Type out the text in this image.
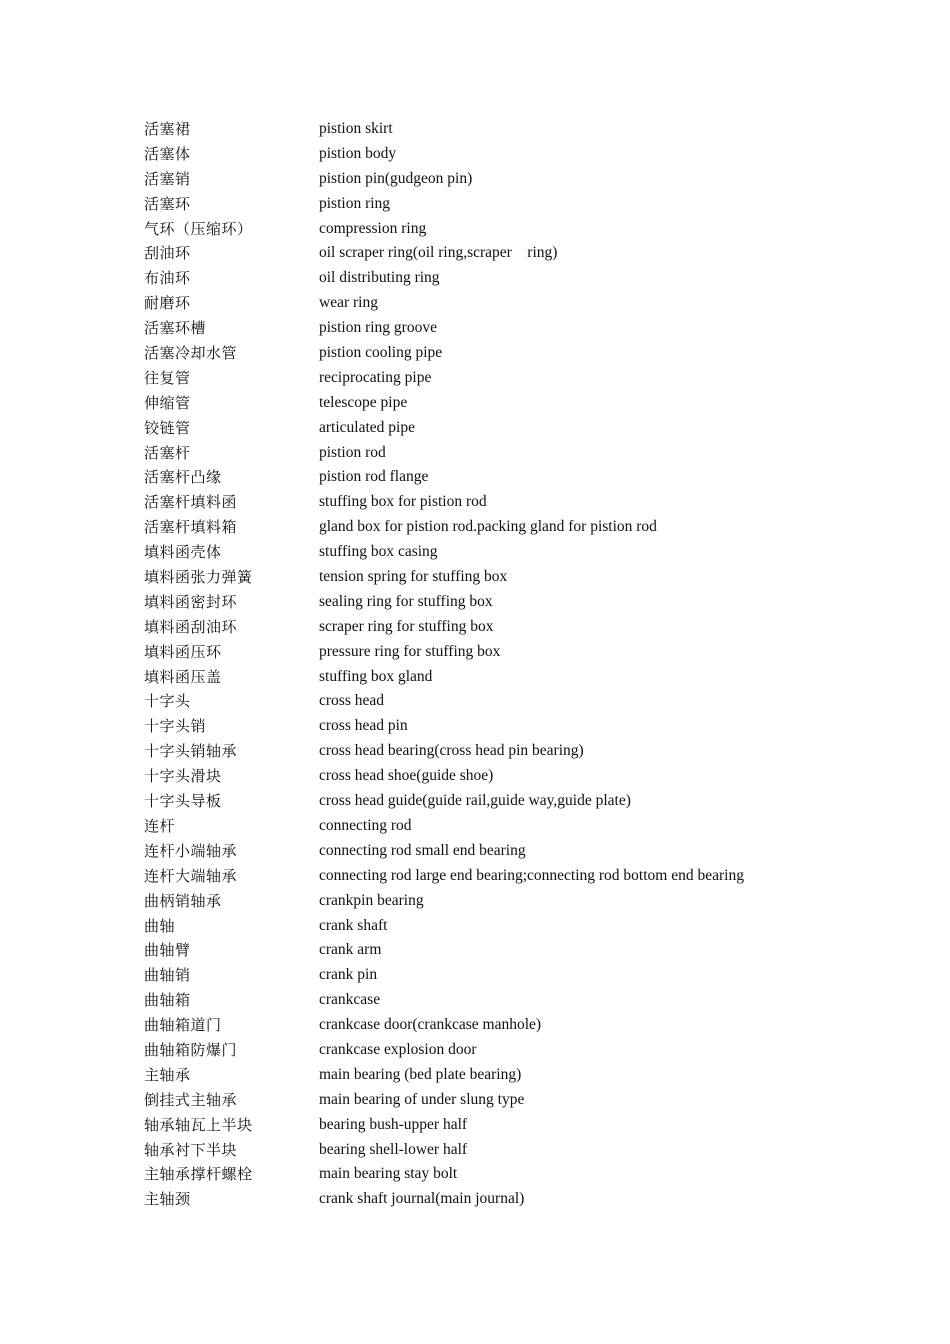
活塞裙	pistion skirt
活塞体	pistion body
活塞销	pistion pin(gudgeon pin)
活塞环	pistion ring
气环（压缩环）	compression ring
刮油环	oil scraper ring(oil ring,scraper    ring)
布油环	oil distributing ring
耐磨环	wear ring
活塞环槽	pistion ring groove
活塞冷却水管	pistion cooling pipe
往复管	reciprocating pipe
伸缩管	telescope pipe
铰链管	articulated pipe
活塞杆	pistion rod
活塞杆凸缘	pistion rod flange
活塞杆填料函	stuffing box for pistion rod
活塞杆填料箱	gland box for pistion rod.packing gland for pistion rod
填料函壳体	stuffing box casing
填料函张力弹簧	tension spring for stuffing box
填料函密封环	sealing ring for stuffing box
填料函刮油环	scraper ring for stuffing box
填料函压环	pressure ring for stuffing box
填料函压盖	stuffing box gland
十字头	cross head
十字头销	cross head pin
十字头销轴承	cross head bearing(cross head pin bearing)
十字头滑块	cross head shoe(guide shoe)
十字头导板	cross head guide(guide rail,guide way,guide plate)
连杆	connecting rod
连杆小端轴承	connecting rod small end bearing
连杆大端轴承	connecting rod large end bearing;connecting rod bottom end bearing
曲柄销轴承	crankpin bearing
曲轴	crank shaft
曲轴臂	crank arm
曲轴销	crank pin
曲轴箱	crankcase
曲轴箱道门	crankcase door(crankcase manhole)
曲轴箱防爆门	crankcase explosion door
主轴承	main bearing (bed plate bearing)
倒挂式主轴承	main bearing of under slung type
轴承轴瓦上半块	bearing bush-upper half
轴承衬下半块	bearing shell-lower half
主轴承撑杆螺栓	main bearing stay bolt
主轴颈	crank shaft journal(main journal)
